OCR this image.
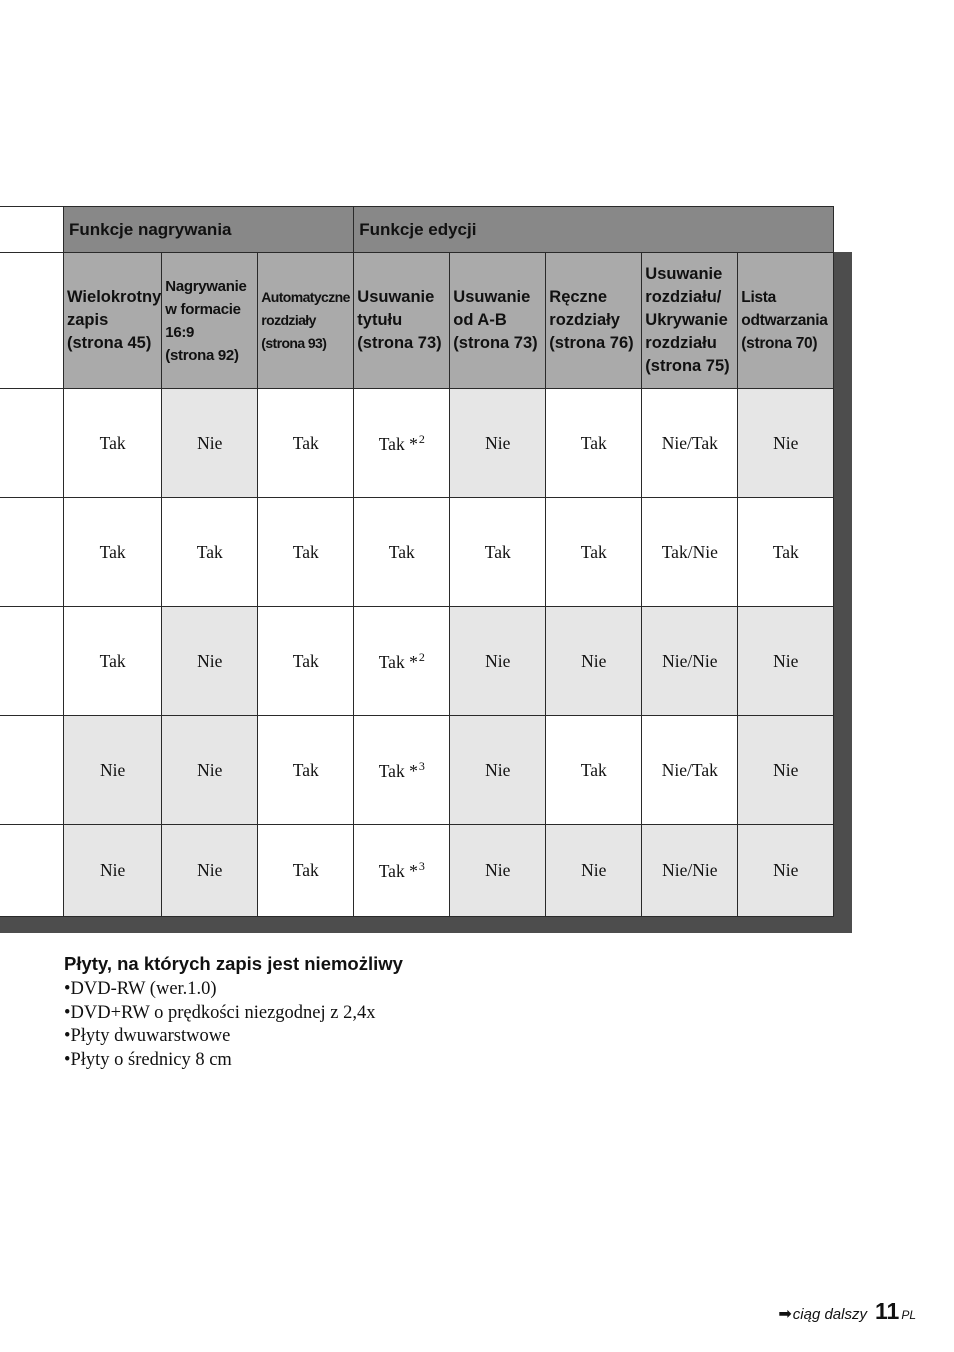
	Funkcje nagrywania			Funkcje edycji				

	Wielokrotny
zapis
(strona 45)	Nagrywanie
w formacie
16:9
(strona 92)	Automatyczne
rozdziały
(strona 93)	Usuwanie
tytułu
(strona 73)	Usuwanie
od A-B
(strona 73)	Ręczne
rozdziały
(strona 76)	Usuwanie
rozdziału/
Ukrywanie
rozdziału
(strona 75)	Lista
odtwarzania
(strona 70)

	Tak	Nie	Tak	Tak *$^2$	Nie	Tak	Nie/Tak	Nie
	Tak	Tak	Tak	Tak	Tak	Tak	Tak/Nie	Tak
	Tak	Nie	Tak	Tak *$^2$	Nie	Nie	Nie/Nie	Nie
	Nie	Nie	Tak	Tak *$^3$	Nie	Tak	Nie/Tak	Nie
	Nie	Nie	Tak	Tak *$^3$	Nie	Nie	Nie/Nie	Nie
Płyty, na których zapis jest niemożliwy
•DVD-RW (wer.1.0)
•DVD+RW o prędkości niezgodnej z 2,4x
•Płyty dwuwarstwowe
•Płyty o średnicy 8 cm
➡ ciąg dalszy 11 PL
